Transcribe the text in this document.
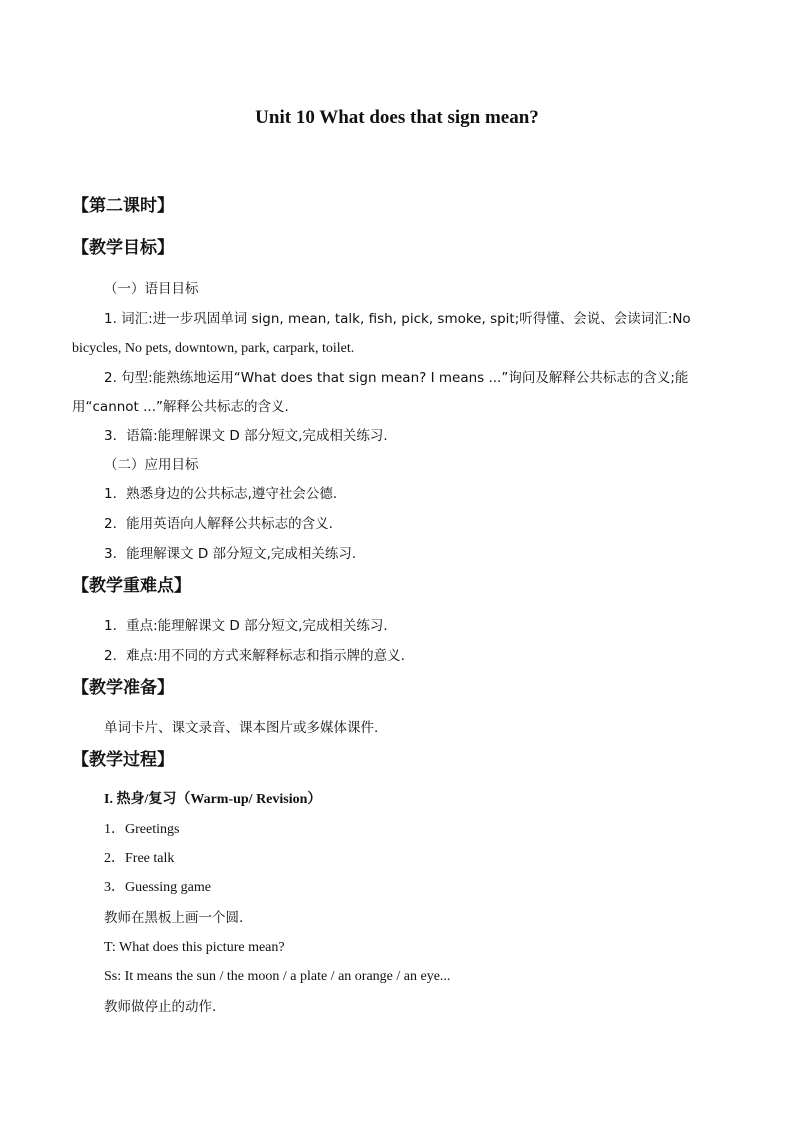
Unit 10 What does that sign mean?
【第二课时】
【教学目标】
（一）语目目标
1. 词汇:进一步巩固单词 sign, mean, talk, fish, pick, smoke, spit;听得懂、会说、会读词汇:No
bicycles, No pets, downtown, park, carpark, toilet.
2. 句型:能熟练地运用“What does that sign mean? I means ...”询问及解释公共标志的含义;能
用“cannot ...”解释公共标志的含义.
3．语篇:能理解课文 D 部分短文,完成相关练习.
（二）应用目标
1．熟悉身边的公共标志,遵守社会公德.
2．能用英语向人解释公共标志的含义.
3．能理解课文 D 部分短文,完成相关练习.
【教学重难点】
1．重点:能理解课文 D 部分短文,完成相关练习.
2．难点:用不同的方式来解释标志和指示牌的意义.
【教学准备】
单词卡片、课文录音、课本图片或多媒体课件.
【教学过程】
I. 热身/复习（Warm-up/ Revision）
1．Greetings
2．Free talk
3．Guessing game
教师在黑板上画一个圆.
T: What does this picture mean?
Ss: It means the sun / the moon / a plate / an orange / an eye...
教师做停止的动作.
